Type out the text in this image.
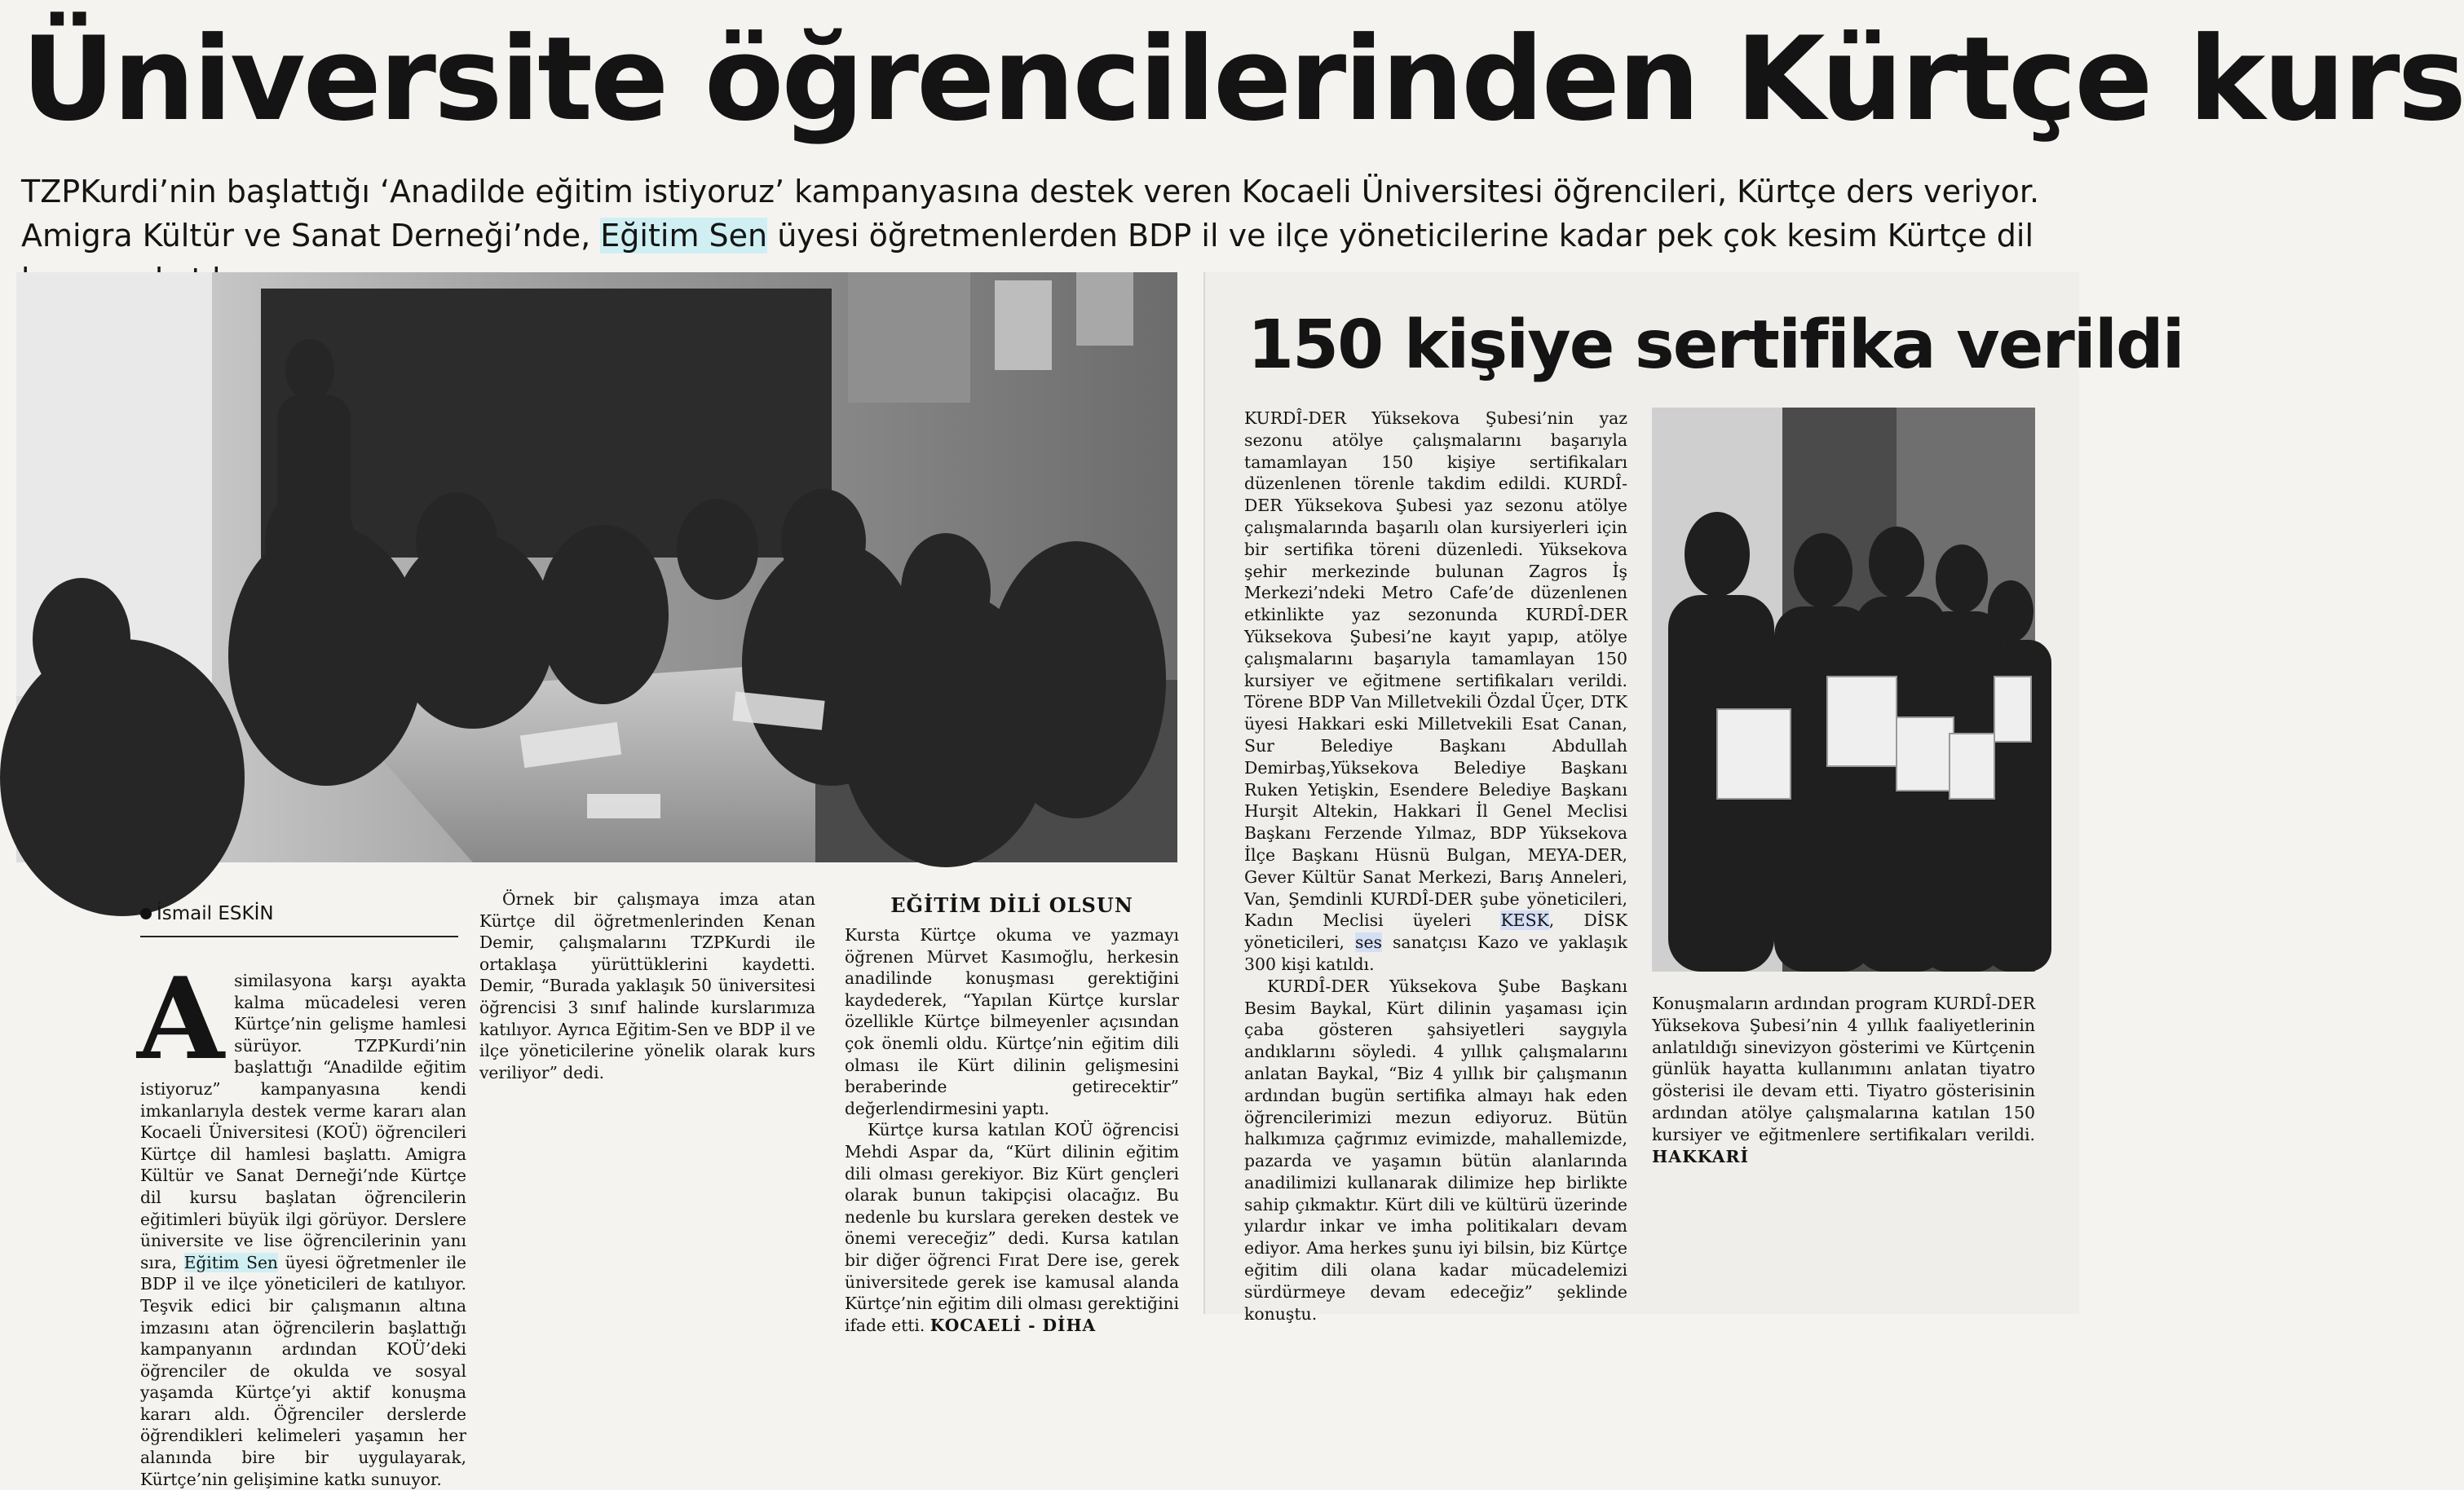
Üniversite öğrencilerinden Kürtçe kurs

TZPKurdi’nin başlattığı ‘Anadilde eğitim istiyoruz’ kampanyasına destek veren Kocaeli Üniversitesi öğrencileri, Kürtçe ders veriyor. Amigra Kültür ve Sanat Derneği’nde, Eğitim Sen üyesi öğretmenlerden BDP il ve ilçe yöneticilerine kadar pek çok kesim Kürtçe dil

İsmail ESKİN
A similasyona karşı ayakta kalma mücadelesi veren Kürtçe’nin gelişme hamlesi sürüyor. TZPKurdi’nin başlattığı “Anadilde eğitim istiyoruz” kampanyasına kendi imkanlarıyla destek verme kararı alan Kocaeli Üniversitesi (KOÜ) öğrencileri Kürtçe dil hamlesi başlattı. Amigra Kültür ve Sanat Derneği’nde Kürtçe dil kursu başlatan öğrencilerin eğitimleri büyük ilgi görüyor. Derslere üniversite ve lise öğrencilerinin yanı sıra, Eğitim Sen üyesi öğretmenler ile BDP il ve ilçe yöneticileri de katılıyor. Teşvik edici bir çalışmanın altına imzasını atan öğrencilerin başlattığı kampanyanın ardından KOÜ’deki öğrenciler de okulda ve sosyal yaşamda Kürtçe’yi aktif konuşma kararı aldı. Öğrenciler derslerde öğrendikleri kelimeleri yaşamın her alanında bire bir uygulayarak, Kürtçe’nin gelişimine katkı sunuyor.

Örnek bir çalışmaya imza atan Kürtçe dil öğretmenlerinden Kenan Demir, çalışmalarını TZPKurdi ile ortaklaşa yürüttüklerini kaydetti. Demir, “Burada yaklaşık 50 üniversitesi öğrencisi 3 sınıf halinde kurslarımıza katılıyor. Ayrıca Eğitim-Sen ve BDP il ve ilçe yöneticilerine yönelik olarak kurs veriliyor” dedi.

EĞİTİM DİLİ OLSUN

Kursta Kürtçe okuma ve yazmayı öğrenen Mürvet Kasımoğlu, herkesin anadilinde konuşması gerektiğini kaydederek, “Yapılan Kürtçe kurslar özellikle Kürtçe bilmeyenler açısından çok önemli oldu. Kürtçe’nin eğitim dili olması ile Kürt dilinin gelişmesini beraberinde getirecektir” değerlendirmesini yaptı.

Kürtçe kursa katılan KOÜ öğrencisi Mehdi Aspar da, “Kürt dilinin eğitim dili olması gerekiyor. Biz Kürt gençleri olarak bunun takipçisi olacağız. Bu nedenle bu kurslara gereken destek ve önemi vereceğiz” dedi. Kursa katılan bir diğer öğrenci Fırat Dere ise, gerek üniversitede gerek ise kamusal alanda Kürtçe’nin eğitim dili olması gerektiğini ifade etti. KOCAELİ - DİHA

150 kişiye sertifika verildi

KURDÎ-DER Yüksekova Şubesi’nin yaz sezonu atölye çalışmalarını başarıyla tamamlayan 150 kişiye sertifikaları düzenlenen törenle takdim edildi. KURDÎ-DER Yüksekova Şubesi yaz sezonu atölye çalışmalarında başarılı olan kursiyerleri için bir sertifika töreni düzenledi. Yüksekova şehir merkezinde bulunan Zagros İş Merkezi’ndeki Metro Cafe’de düzenlenen etkinlikte yaz sezonunda KURDÎ-DER Yüksekova Şubesi’ne kayıt yapıp, atölye çalışmalarını başarıyla tamamlayan 150 kursiyer ve eğitmene sertifikaları verildi. Törene BDP Van Milletvekili Özdal Üçer, DTK üyesi Hakkari eski Milletvekili Esat Canan, Sur Belediye Başkanı Abdullah Demirbaş,Yüksekova Belediye Başkanı Ruken Yetişkin, Esendere Belediye Başkanı Hurşit Altekin, Hakkari İl Genel Meclisi Başkanı Ferzende Yılmaz, BDP Yüksekova İlçe Başkanı Hüsnü Bulgan, MEYA-DER, Gever Kültür Sanat Merkezi, Barış Anneleri, Van, Şemdinli KURDÎ-DER şube yöneticileri, Kadın Meclisi üyeleri KESK, DİSK yöneticileri, ses sanatçısı Kazo ve yaklaşık 300 kişi katıldı.

KURDÎ-DER Yüksekova Şube Başkanı Besim Baykal, Kürt dilinin yaşaması için çaba gösteren şahsiyetleri saygıyla andıklarını söyledi. 4 yıllık çalışmalarını anlatan Baykal, “Biz 4 yıllık bir çalışmanın ardından bugün sertifika almayı hak eden öğrencilerimizi mezun ediyoruz. Bütün halkımıza çağrımız evimizde, mahallemizde, pazarda ve yaşamın bütün alanlarında anadilimizi kullanarak dilimize hep birlikte sahip çıkmaktır. Kürt dili ve kültürü üzerinde yılardır inkar ve imha politikaları devam ediyor. Ama herkes şunu iyi bilsin, biz Kürtçe eğitim dili olana kadar mücadelemizi sürdürmeye devam edeceğiz” şeklinde konuştu.

Konuşmaların ardından program KURDÎ-DER Yüksekova Şubesi’nin 4 yıllık faaliyetlerinin anlatıldığı sinevizyon gösterimi ve Kürtçenin günlük hayatta kullanımını anlatan tiyatro gösterisi ile devam etti. Tiyatro gösterisinin ardından atölye çalışmalarına katılan 150 kursiyer ve eğitmenlere sertifikaları verildi. HAKKARİ
